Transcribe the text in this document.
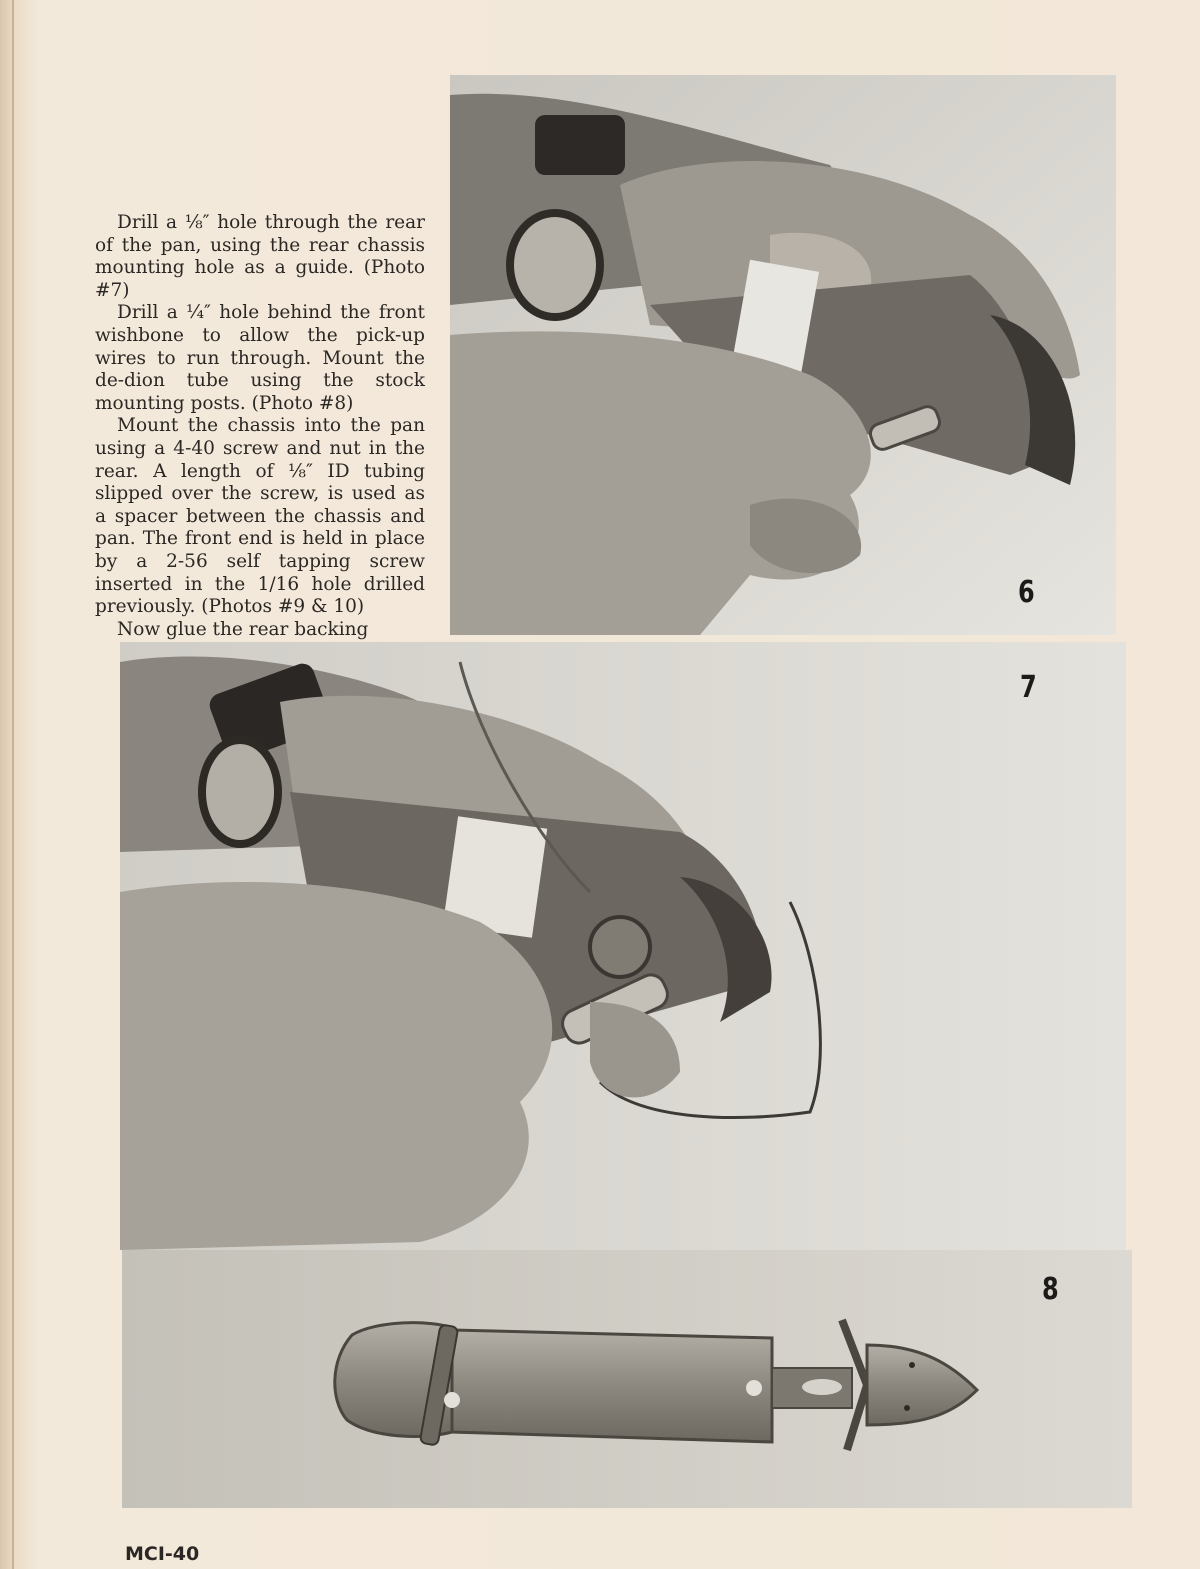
Drill a ⅛″ hole through the rear of the pan, using the rear chassis mounting hole as a guide. (Photo #7)

Drill a ¼″ hole behind the front wishbone to allow the pick-up wires to run through. Mount the de-dion tube using the stock mounting posts. (Photo #8)

Mount the chassis into the pan using a 4-40 screw and nut in the rear. A length of ⅛″ ID tubing slipped over the screw, is used as a spacer between the chassis and pan. The front end is held in place by a 2-56 self tapping screw inserted in the 1/16 hole drilled previously. (Photos #9 & 10)

Now glue the rear backing

6
7
8
MCI-40
